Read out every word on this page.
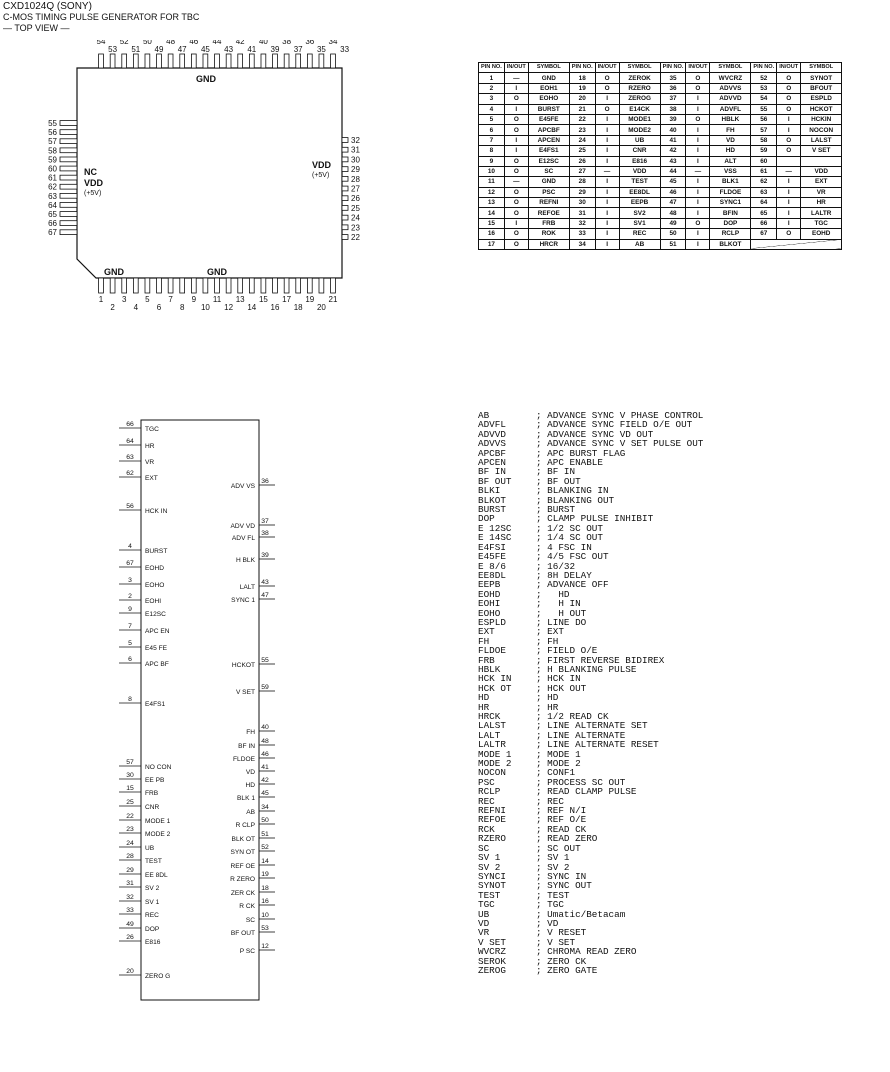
CXD1024Q (SONY)
C-MOS TIMING PULSE GENERATOR FOR TBC
— TOP VIEW —
54 52 50 48 46 44 42 40 38 36 34
53 51 49 47 45 43 41 39 37 35 33
1 3 5 7 9 11 13 15 17 19 21
2 4 6 8 10 12 14 16 18 20
55
56
57
58
59
60
61
62
63
64
65
66
67
GND
NC
VDD
(+5V)
VDD
(+5V)
GND	GND
PIN NO.	IN/OUT	SYMBOL	PIN NO.	IN/OUT	SYMBOL	PIN NO.	IN/OUT	SYMBOL	PIN NO.	IN/OUT	SYMBOL
1	—	GND	18	O	ZEROK	35	O	WVCRZ	52	O	SYNOT
2	I	EOH1	19	O	RZERO	36	O	ADVVS	53	O	BFOUT
3	O	EOHO	20	I	ZEROG	37	I	ADVVD	54	O	ESPLD
4	I	BURST	21	O	E14CK	38	I	ADVFL	55	O	HCKOT
5	O	E45FE	22	I	MODE1	39	O	HBLK	56	I	HCKIN
6	O	APCBF	23	I	MODE2	40	I	FH	57	I	NOCON
7	I	APCEN	24	I	UB	41	I	VD	58	O	LALST
8	I	E4FS1	25	I	CNR	42	I	HD	59	O	V SET
9	O	E12SC	26	I	E816	43	I	ALT	60		
10	O	SC	27	—	VDD	44	—	VSS	61	—	VDD
11	—	GND	28	I	TEST	45	I	BLK1	62	I	EXT
12	O	PSC	29	I	EE8DL	46	I	FLDOE	63	I	VR
13	O	REFNI	30	I	EEPB	47	I	SYNC1	64	I	HR
14	O	REFOE	31	I	SV2	48	I	BFIN	65	I	LALTR
15	I	FRB	32	I	SV1	49	O	DOP	66	I	TGC
16	O	ROK	33	I	REC	50	I	RCLP	67	O	EOHD
17	O	HRCR	34	I	AB	51	I	BLKOT			
66
TGC
64
HR
63
VR
62
EXT
56
HCK IN
4
BURST
67
EOHD
3
EOHO
2
EOHI
9
E12SC
7
APC EN
5
E45 FE
6
APC BF
8
E4FS1
57
NO CON
30
EE PB
15
FRB
25
CNR
22
MODE 1
23
MODE 2
24
UB
28
TEST
29
EE 8DL
31
SV 2
32
SV 1
33
REC
49
DOP
26
E816
20
ZERO G
36
ADV VS
37
ADV VD
38
ADV FL
39
H BLK
43
LALT
47
SYNC 1
55
HCKOT
59
V SET
40
FH
48
BF IN
46
FLDOE
41
VD
42
HD
45
BLK 1
34
AB
50
R CLP
51
BLK OT
52
SYN OT
14
REF OE
19
R ZERO
18
ZER CK
16
R CK
10
SC
53
BF OUT
12
P SC
AB	; ADVANCE SYNC V PHASE CONTROL
ADVFL	; ADVANCE SYNC FIELD O/E OUT
ADVVD	; ADVANCE SYNC VD OUT
ADVVS	; ADVANCE SYNC V SET PULSE OUT
APCBF	; APC BURST FLAG
APCEN	; APC ENABLE
BF IN	; BF IN
BF OUT	; BF OUT
BLKI	; BLANKING IN
BLKOT	; BLANKING OUT
BURST	; BURST
DOP	; CLAMP PULSE INHIBIT
E 12SC	; 1/2 SC OUT
E 14SC	; 1/4 SC OUT
E4FSI	; 4 FSC IN
E45FE	; 4/5 FSC OUT
E 8/6	; 16/32
EE8DL	; 8H DELAY
EEPB	; ADVANCE OFF
EOHD	;   HD
EOHI	;   H IN
EOHO	;   H OUT
ESPLD	; LINE DO
EXT	; EXT
FH	; FH
FLDOE	; FIELD O/E
FRB	; FIRST REVERSE BIDIREX
HBLK	; H BLANKING PULSE
HCK IN	; HCK IN
HCK OT	; HCK OUT
HD	; HD
HR	; HR
HRCK	; 1/2 READ CK
LALST	; LINE ALTERNATE SET
LALT	; LINE ALTERNATE
LALTR	; LINE ALTERNATE RESET
MODE 1	; MODE 1
MODE 2	; MODE 2
NOCON	; CONF1
PSC	; PROCESS SC OUT
RCLP	; READ CLAMP PULSE
REC	; REC
REFNI	; REF N/I
REFOE	; REF O/E
RCK	; READ CK
RZERO	; READ ZERO
SC	; SC OUT
SV 1	; SV 1
SV 2	; SV 2
SYNCI	; SYNC IN
SYNOT	; SYNC OUT
TEST	; TEST
TGC	; TGC
UB	; Umatic/Betacam
VD	; VD
VR	; V RESET
V SET	; V SET
WVCRZ	; CHROMA READ ZERO
SEROK	; ZERO CK
ZEROG	; ZERO GATE
32
31
30
29
28
27
26
25
24
23
22
